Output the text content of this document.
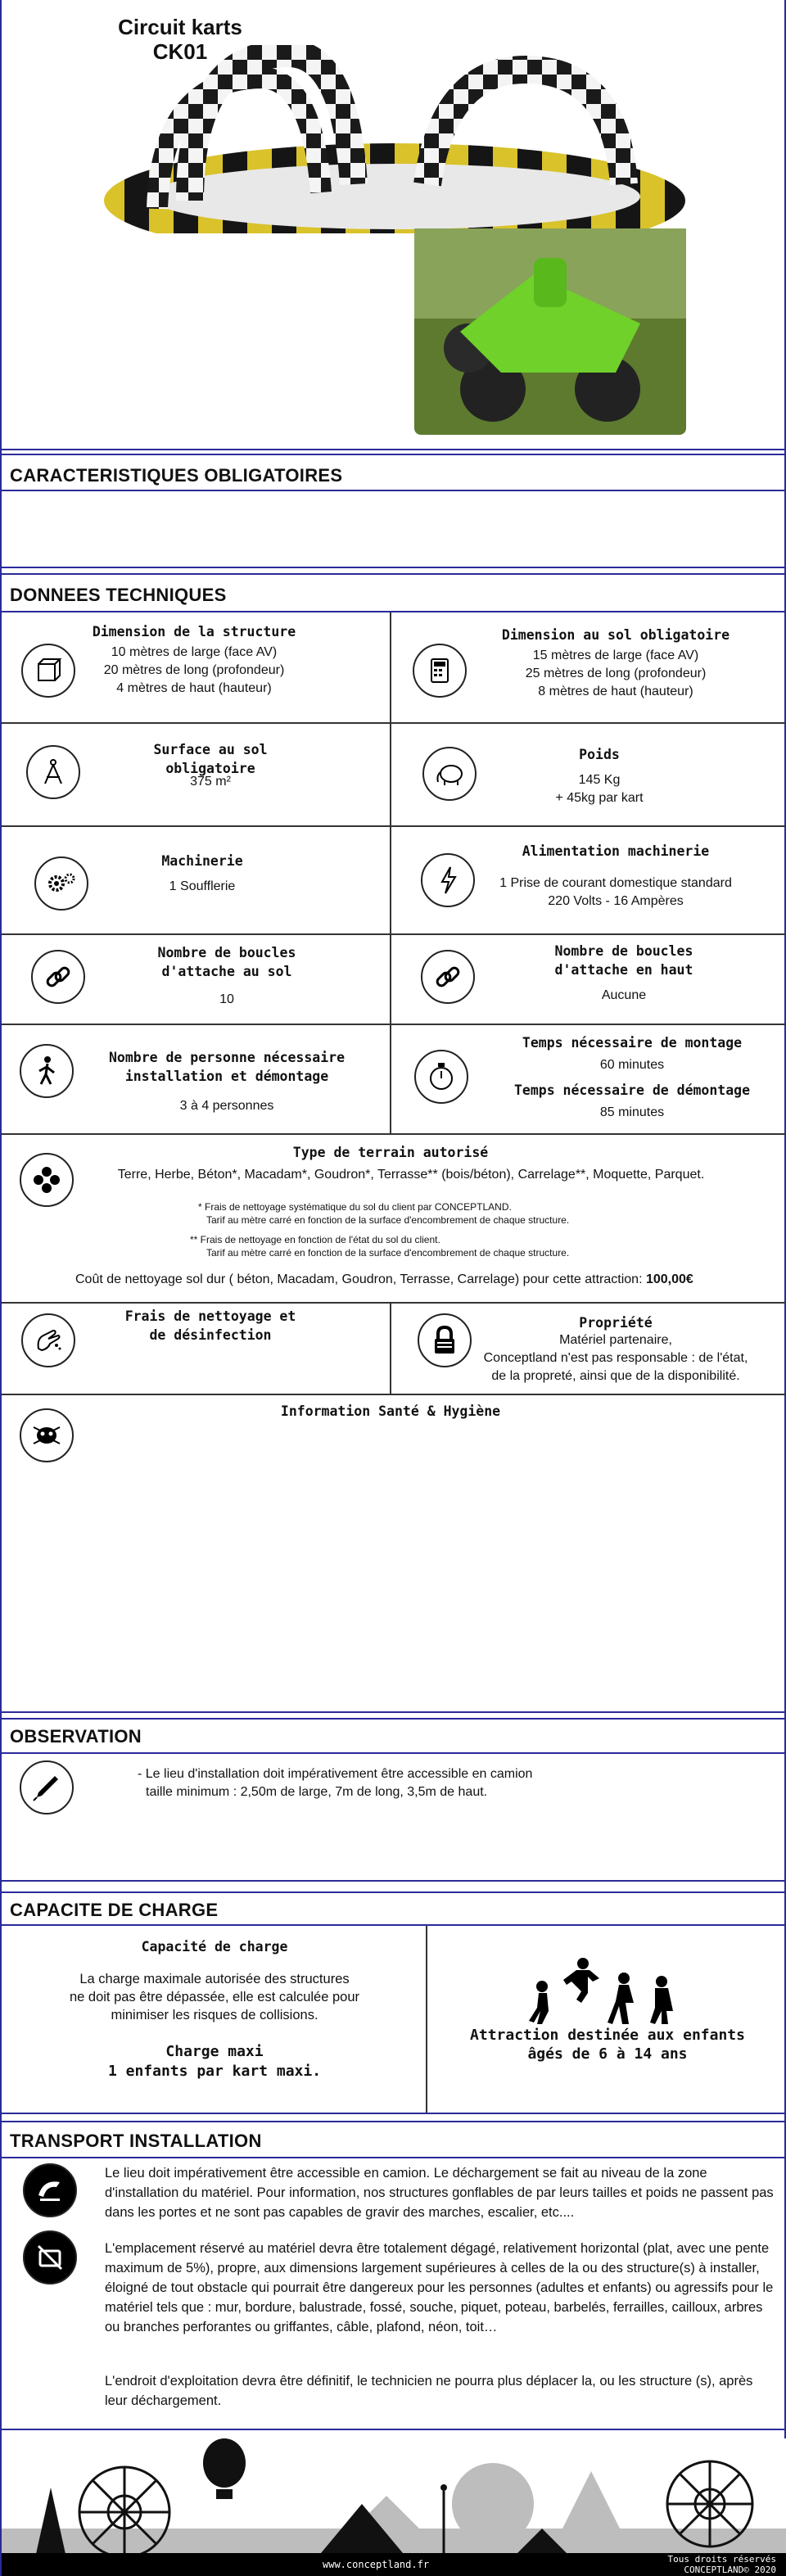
Circuit karts
CK01
CARACTERISTIQUES OBLIGATOIRES
DONNEES TECHNIQUES
Dimension de la structure
10 mètres de large (face AV)
20 mètres de long (profondeur)
4 mètres de haut (hauteur)
Dimension au sol obligatoire
15 mètres de large (face AV)
25 mètres de long (profondeur)
8 mètres de haut (hauteur)
Surface au sol obligatoire
375 m²
Poids
145 Kg
+ 45kg par kart
Machinerie
1 Soufflerie
Alimentation machinerie
1 Prise de courant domestique standard
220 Volts - 16 Ampères
Nombre de boucles
d'attache au sol
10
Nombre de boucles
d'attache en haut
Aucune
Nombre de personne nécessaire
installation et démontage
3 à 4 personnes
Temps nécessaire de montage
60 minutes
Temps nécessaire de démontage
85 minutes
Type de terrain autorisé
Terre, Herbe, Béton*, Macadam*, Goudron*, Terrasse** (bois/béton), Carrelage**, Moquette, Parquet.
* Frais de nettoyage systématique du sol du client par CONCEPTLAND.
Tarif au mètre carré en fonction de la surface d'encombrement de chaque structure.
** Frais de nettoyage en fonction de l'état du sol du client.
Tarif au mètre carré en fonction de la surface d'encombrement de chaque structure.
Coût de nettoyage sol dur ( béton, Macadam, Goudron, Terrasse, Carrelage) pour cette attraction: 100,00€
Frais de nettoyage et
de désinfection
Propriété
Matériel partenaire,
Conceptland n'est pas responsable : de l'état,
de la propreté, ainsi que de la disponibilité.
Information Santé & Hygiène
OBSERVATION
- Le lieu d'installation doit impérativement être accessible en camion
taille minimum : 2,50m de large, 7m de long, 3,5m de haut.
CAPACITE DE CHARGE
Capacité de charge
La charge maximale autorisée des structures
ne doit pas être dépassée, elle est calculée pour
minimiser les risques de collisions.
Charge maxi
1 enfants par kart maxi.
Attraction destinée aux enfants
âgés de 6 à 14 ans
TRANSPORT INSTALLATION
Le lieu doit impérativement être accessible en camion. Le déchargement se fait au niveau de la zone d'installation du matériel. Pour information, nos structures gonflables de par leurs tailles et poids ne passent pas dans les portes et ne sont pas capables de gravir des marches, escalier, etc....
L'emplacement réservé au matériel devra être totalement dégagé, relativement horizontal (plat, avec une pente maximum de 5%), propre, aux dimensions largement supérieures à celles de la ou des structure(s) à installer, éloigné de tout obstacle qui pourrait être dangereux pour les personnes (adultes et enfants) ou agressifs pour le matériel tels que : mur, bordure, balustrade, fossé, souche, piquet, poteau, barbelés, ferrailles, cailloux, arbres ou branches perforantes ou griffantes, câble, plafond, néon, toit…
L'endroit d'exploitation devra être définitif, le technicien ne pourra plus déplacer la, ou les structure (s), après leur déchargement.
www.conceptland.fr	Tous droits réservés
CONCEPTLAND© 2020
